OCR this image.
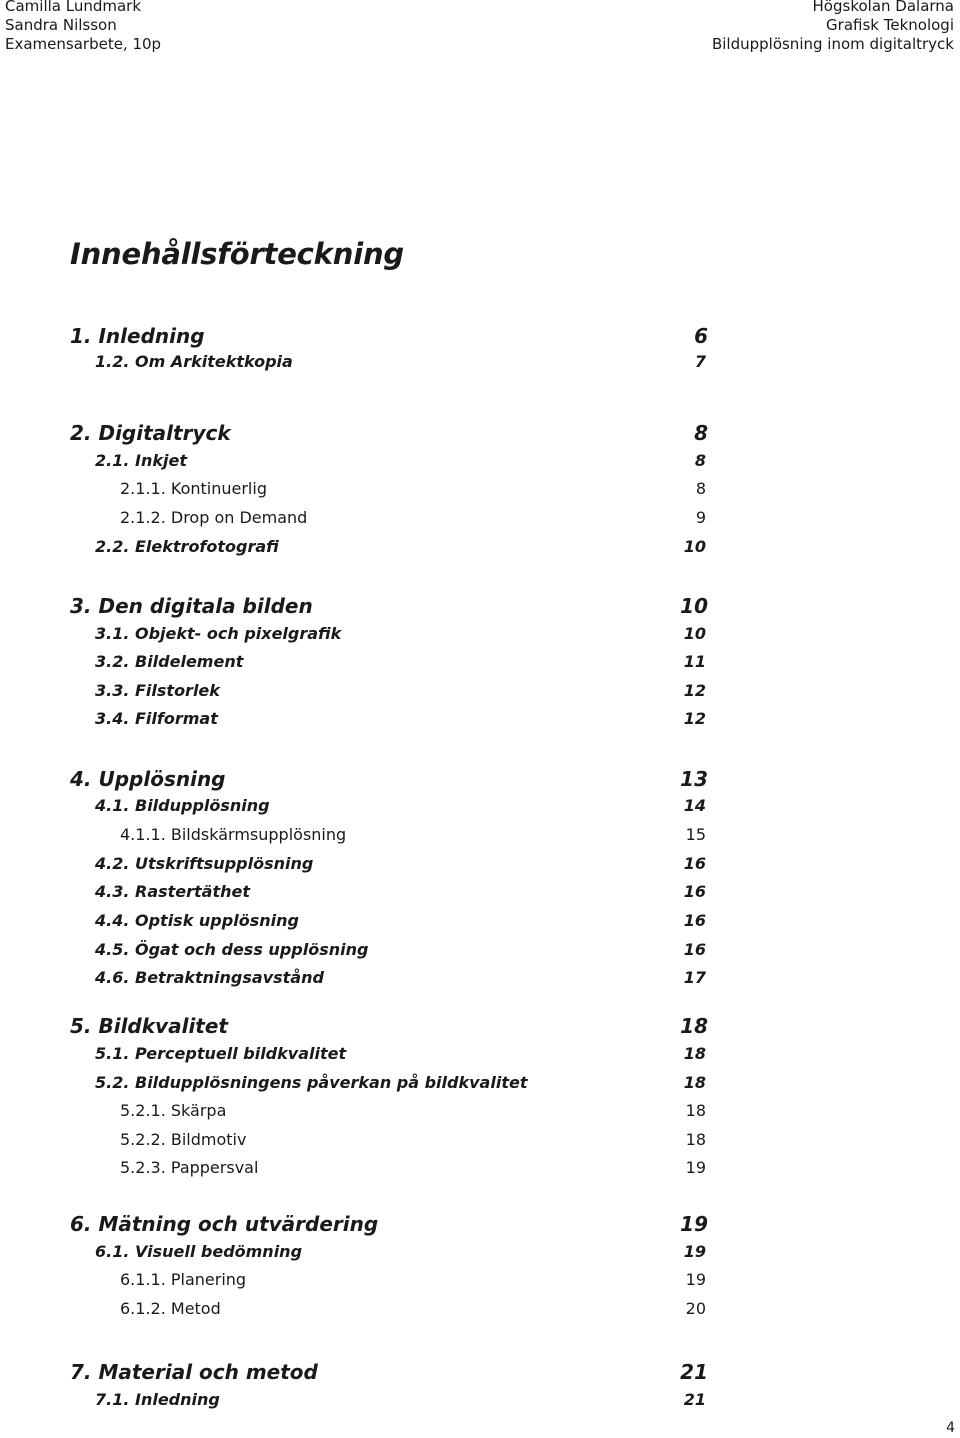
Camilla Lundmark
Sandra Nilsson
Examensarbete, 10p
Högskolan Dalarna
Grafisk Teknologi
Bildupplösning inom digitaltryck
Innehållsförteckning
1. Inledning	6
1.2. Om Arkitektkopia	7
2. Digitaltryck	8
2.1. Inkjet	8
2.1.1. Kontinuerlig	8
2.1.2. Drop on Demand	9
2.2. Elektrofotografi	10
3. Den digitala bilden	10
3.1. Objekt- och pixelgrafik	10
3.2. Bildelement	11
3.3. Filstorlek	12
3.4. Filformat	12
4. Upplösning	13
4.1. Bildupplösning	14
4.1.1. Bildskärmsupplösning	15
4.2. Utskriftsupplösning	16
4.3. Rastertäthet	16
4.4. Optisk upplösning	16
4.5. Ögat och dess upplösning	16
4.6. Betraktningsavstånd	17
5. Bildkvalitet	18
5.1. Perceptuell bildkvalitet	18
5.2. Bildupplösningens påverkan på bildkvalitet	18
5.2.1. Skärpa	18
5.2.2. Bildmotiv	18
5.2.3. Pappersval	19
6. Mätning och utvärdering	19
6.1. Visuell bedömning	19
6.1.1. Planering	19
6.1.2. Metod	20
7. Material och metod	21
7.1. Inledning	21
4
